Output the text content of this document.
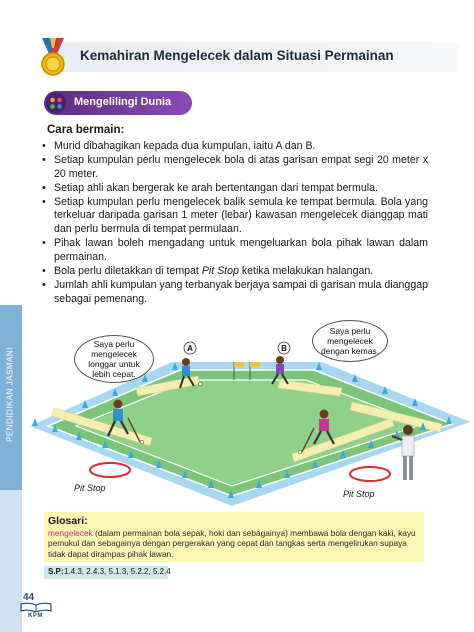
PENDIDIKAN JASMANI
Kemahiran Mengelecek dalam Situasi Permainan
Mengelilingi Dunia
Cara bermain:
• Murid dibahagikan kepada dua kumpulan, iaitu A dan B.
• Setiap kumpulan perlu mengelecek bola di atas garisan empat segi 20 meter x 20 meter.
• Setiap ahli akan bergerak ke arah bertentangan dari tempat bermula.
• Setiap kumpulan perlu mengelecek balik semula ke tempat bermula. Bola yang terkeluar daripada garisan 1 meter (lebar) kawasan mengelecek dianggap mati dan perlu bermula di tempat permulaan.
• Pihak lawan boleh mengadang untuk mengeluarkan bola pihak lawan dalam permainan.
• Bola perlu diletakkan di tempat Pit Stop ketika melakukan halangan.
• Jumlah ahli kumpulan yang terbanyak berjaya sampai di garisan mula dianggap sebagai pemenang.
A	B
Saya perlu mengelecek longgar untuk lebih cepat.
Saya perlu mengelecek dengan kemas.
Pit Stop
Pit Stop
Glosari:
mengelecek (dalam permainan bola sepak, hoki dan sebagainya) membawa bola dengan kaki, kayu pemukul dan sebagainya dengan pergerakan yang cepat dan tangkas serta mengelirukan supaya tidak dapat dirampas pihak lawan.
S.P: 1.4.3, 2.4.3, 5.1.3, 5.2.2, 5.2.4
44
KPM
